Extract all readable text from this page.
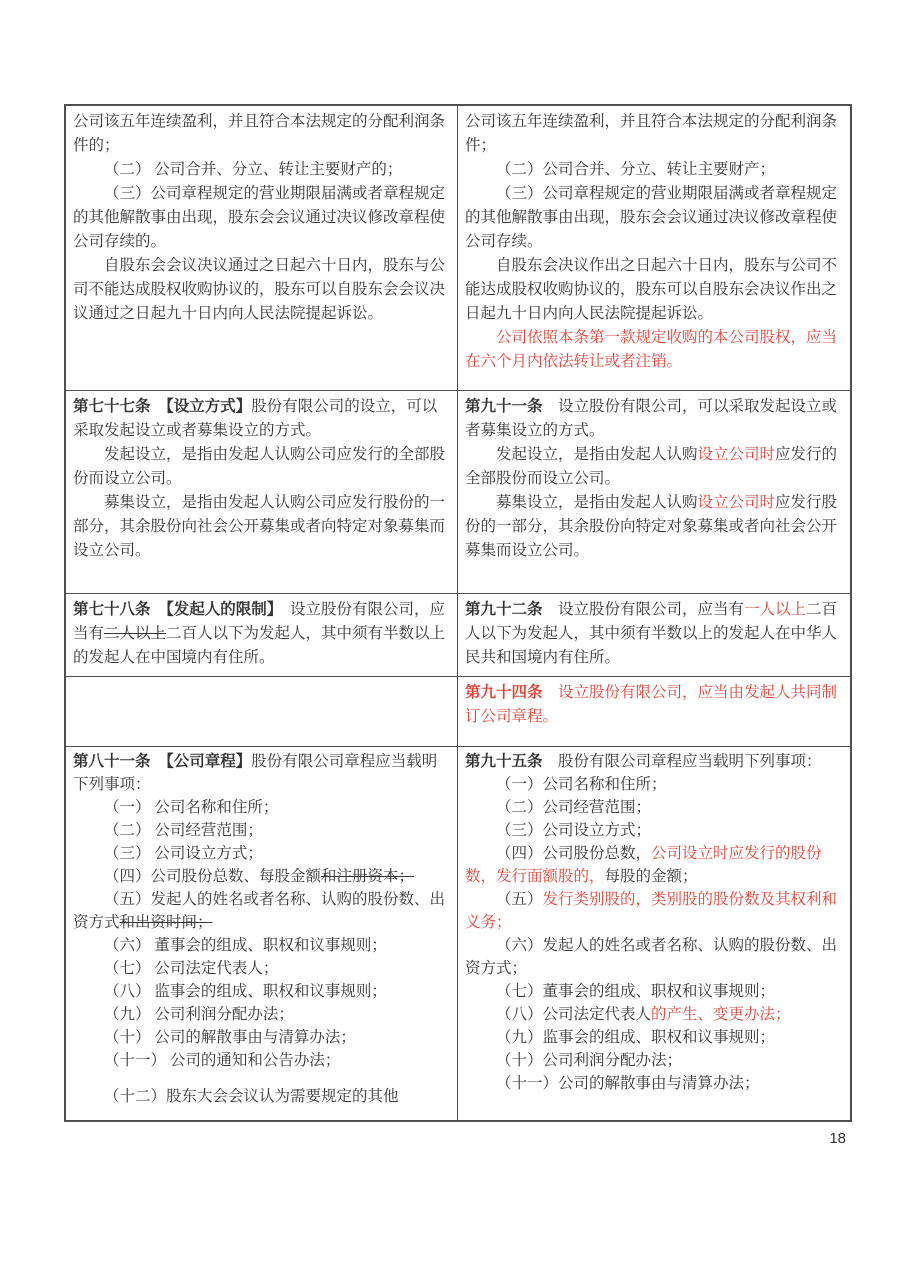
公司该五年连续盈利，并且符合本法规定的分配利润条件的；

（二） 公司合并、分立、转让主要财产的；

（三）公司章程规定的营业期限届满或者章程规定的其他解散事由出现，股东会会议通过决议修改章程使公司存续的。

自股东会会议决议通过之日起六十日内，股东与公司不能达成股权收购协议的，股东可以自股东会会议决议通过之日起九十日内向人民法院提起诉讼。

公司该五年连续盈利，并且符合本法规定的分配利润条件；

（二）公司合并、分立、转让主要财产；

（三）公司章程规定的营业期限届满或者章程规定的其他解散事由出现，股东会会议通过决议修改章程使公司存续。

自股东会决议作出之日起六十日内，股东与公司不能达成股权收购协议的，股东可以自股东会决议作出之日起九十日内向人民法院提起诉讼。

公司依照本条第一款规定收购的本公司股权，应当在六个月内依法转让或者注销。

第七十七条　 【设立方式】股份有限公司的设立，可以采取发起设立或者募集设立的方式。

发起设立，是指由发起人认购公司应发行的全部股份而设立公司。

募集设立，是指由发起人认购公司应发行股份的一部分，其余股份向社会公开募集或者向特定对象募集而设立公司。

第九十一条　设立股份有限公司，可以采取发起设立或者募集设立的方式。

发起设立，是指由发起人认购设立公司时应发行的全部股份而设立公司。

募集设立，是指由发起人认购设立公司时应发行股份的一部分，其余股份向特定对象募集或者向社会公开募集而设立公司。

第七十八条　 【发起人的限制】　设立股份有限公司，应当有二人以上二百人以下为发起人，其中须有半数以上的发起人在中国境内有住所。

第九十二条　设立股份有限公司，应当有一人以上二百人以下为发起人，其中须有半数以上的发起人在中华人民共和国境内有住所。

第九十四条　设立股份有限公司，应当由发起人共同制订公司章程。

第八十一条　 【公司章程】股份有限公司章程应当载明下列事项：

（一） 公司名称和住所；

（二） 公司经营范围；

（三） 公司设立方式；

（四）公司股份总数、每股金额和注册资本；

（五）发起人的姓名或者名称、认购的股份数、出资方式和出资时间；

（六） 董事会的组成、职权和议事规则；

（七） 公司法定代表人；

（八） 监事会的组成、职权和议事规则；

（九） 公司利润分配办法；

（十） 公司的解散事由与清算办法；

（十一） 公司的通知和公告办法；

（十二）股东大会会议认为需要规定的其他

第九十五条　股份有限公司章程应当载明下列事项：

（一）公司名称和住所；

（二）公司经营范围；

（三）公司设立方式；

（四）公司股份总数，公司设立时应发行的股份数，发行面额股的，每股的金额；

（五）发行类别股的，类别股的股份数及其权利和义务；

（六）发起人的姓名或者名称、认购的股份数、出资方式；

（七）董事会的组成、职权和议事规则；

（八）公司法定代表人的产生、变更办法；

（九）监事会的组成、职权和议事规则；

（十）公司利润分配办法；

（十一）公司的解散事由与清算办法；

18
